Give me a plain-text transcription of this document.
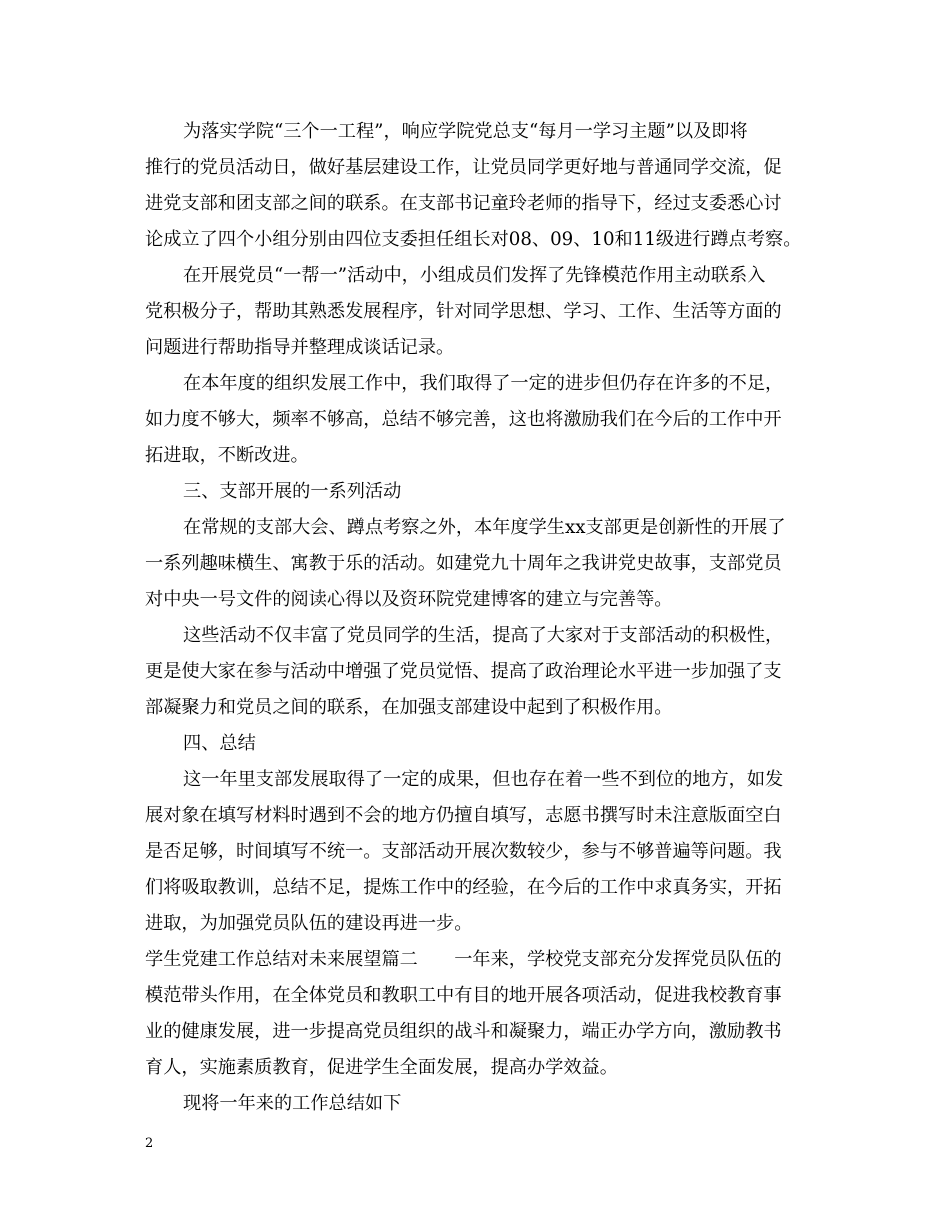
为落实学院“三个一工程”，响应学院党总支“每月一学习主题”以及即将
推行的党员活动日，做好基层建设工作，让党员同学更好地与普通同学交流，促
进党支部和团支部之间的联系。在支部书记童玲老师的指导下，经过支委悉心讨
论成立了四个小组分别由四位支委担任组长对08、09、10和11级进行蹲点考察。
在开展党员“一帮一”活动中，小组成员们发挥了先锋模范作用主动联系入
党积极分子，帮助其熟悉发展程序，针对同学思想、学习、工作、生活等方面的
问题进行帮助指导并整理成谈话记录。
在本年度的组织发展工作中，我们取得了一定的进步但仍存在许多的不足，
如力度不够大，频率不够高，总结不够完善，这也将激励我们在今后的工作中开
拓进取，不断改进。
三、支部开展的一系列活动
在常规的支部大会、蹲点考察之外，本年度学生xx支部更是创新性的开展了
一系列趣味横生、寓教于乐的活动。如建党九十周年之我讲党史故事，支部党员
对中央一号文件的阅读心得以及资环院党建博客的建立与完善等。
这些活动不仅丰富了党员同学的生活，提高了大家对于支部活动的积极性，
更是使大家在参与活动中增强了党员觉悟、提高了政治理论水平进一步加强了支
部凝聚力和党员之间的联系，在加强支部建设中起到了积极作用。
四、总结
这一年里支部发展取得了一定的成果，但也存在着一些不到位的地方，如发
展对象在填写材料时遇到不会的地方仍擅自填写，志愿书撰写时未注意版面空白
是否足够，时间填写不统一。支部活动开展次数较少，参与不够普遍等问题。我
们将吸取教训，总结不足，提炼工作中的经验，在今后的工作中求真务实，开拓
进取，为加强党员队伍的建设再进一步。
学生党建工作总结对未来展望篇二　　一年来，学校党支部充分发挥党员队伍的
模范带头作用，在全体党员和教职工中有目的地开展各项活动，促进我校教育事
业的健康发展，进一步提高党员组织的战斗和凝聚力，端正办学方向，激励教书
育人，实施素质教育，促进学生全面发展，提高办学效益。
现将一年来的工作总结如下
2
